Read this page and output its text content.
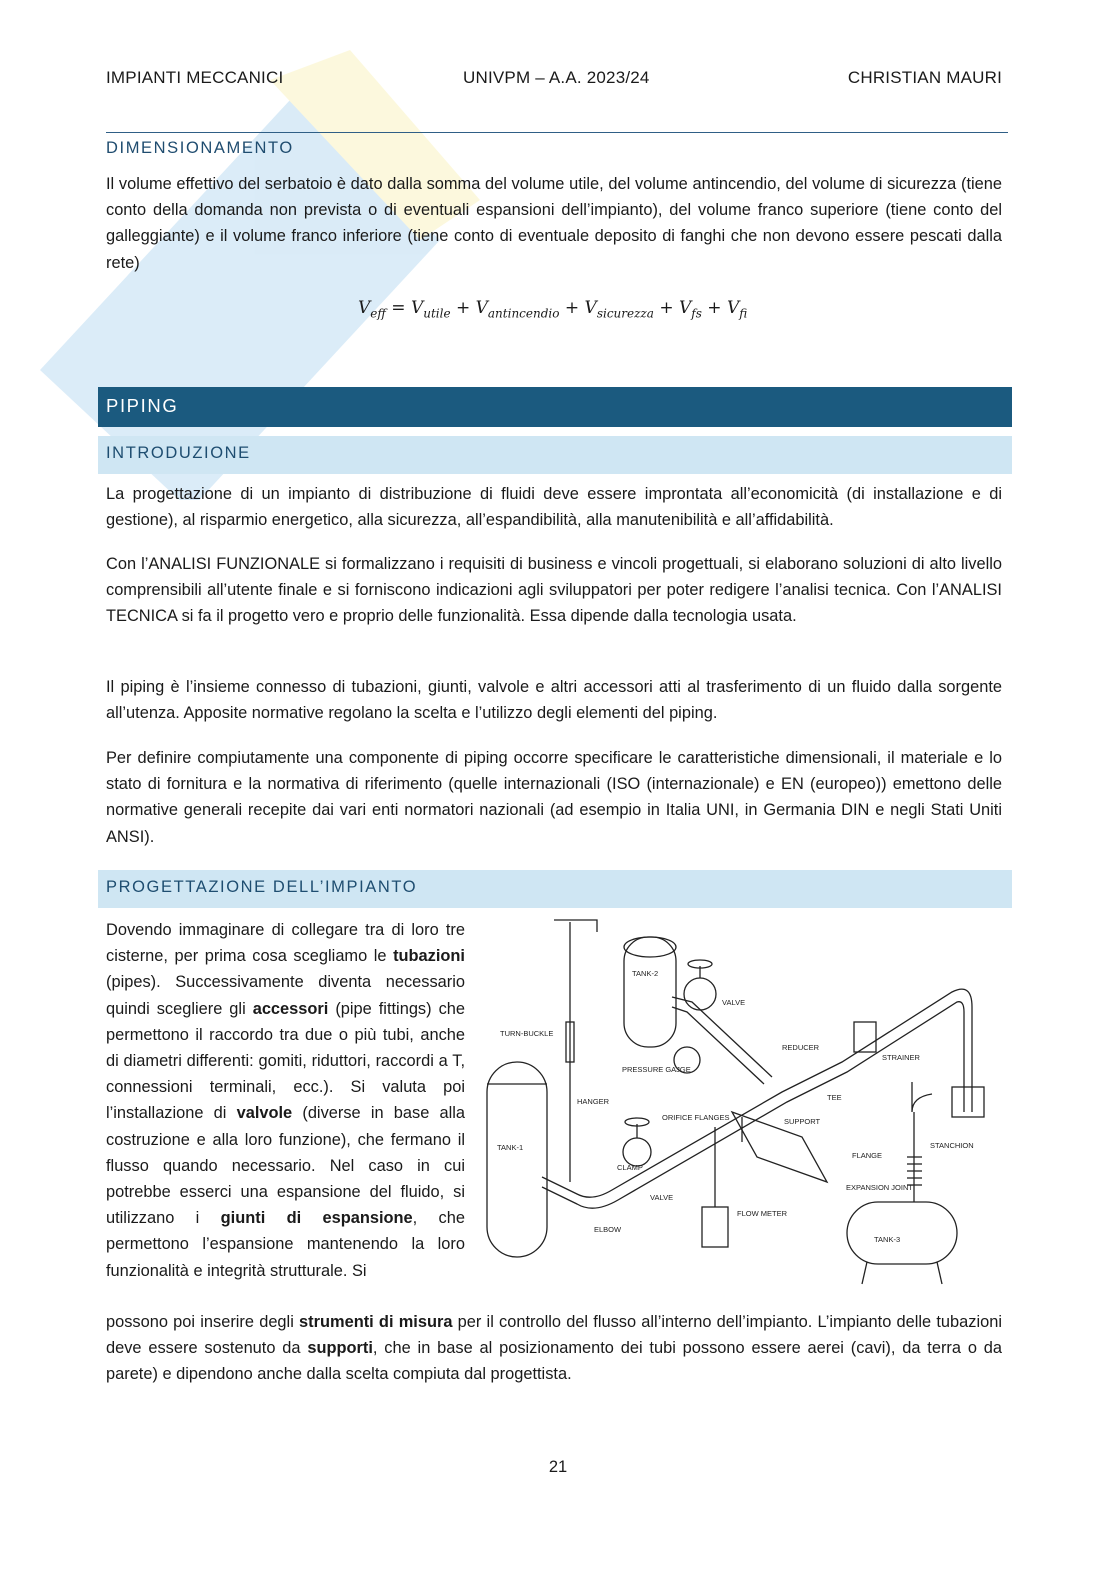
IMPIANTI MECCANICI	UNIVPM – A.A. 2023/24	CHRISTIAN MAURI
DIMENSIONAMENTO

Il volume effettivo del serbatoio è dato dalla somma del volume utile, del volume antincendio, del volume di sicurezza (tiene conto della domanda non prevista o di eventuali espansioni dell’impianto), del volume franco superiore (tiene conto del galleggiante) e il volume franco inferiore (tiene conto di eventuale deposito di fanghi che non devono essere pescati dalla rete)

$V_{eff} = V_{utile} + V_{antincendio} + V_{sicurezza} + V_{fs} + V_{fi}$
PIPING
INTRODUZIONE

La progettazione di un impianto di distribuzione di fluidi deve essere improntata all’economicità (di installazione e di gestione), al risparmio energetico, alla sicurezza, all’espandibilità, alla manutenibilità e all’affidabilità.

Con l’ANALISI FUNZIONALE si formalizzano i requisiti di business e vincoli progettuali, si elaborano soluzioni di alto livello comprensibili all’utente finale e si forniscono indicazioni agli sviluppatori per poter redigere l’analisi tecnica. Con l’ANALISI TECNICA si fa il progetto vero e proprio delle funzionalità. Essa dipende dalla tecnologia usata.

Il piping è l’insieme connesso di tubazioni, giunti, valvole e altri accessori atti al trasferimento di un fluido dalla sorgente all’utenza. Apposite normative regolano la scelta e l’utilizzo degli elementi del piping.

Per definire compiutamente una componente di piping occorre specificare le caratteristiche dimensionali, il materiale e lo stato di fornitura e la normativa di riferimento (quelle internazionali (ISO (internazionale) e EN (europeo)) emettono delle normative generali recepite dai vari enti normatori nazionali (ad esempio in Italia UNI, in Germania DIN e negli Stati Uniti ANSI).

PROGETTAZIONE DELL’IMPIANTO

Dovendo immaginare di collegare tra di loro tre cisterne, per prima cosa scegliamo le tubazioni (pipes). Successivamente diventa necessario quindi scegliere gli accessori (pipe fittings) che permettono il raccordo tra due o più tubi, anche di diametri differenti: gomiti, riduttori, raccordi a T, connessioni terminali, ecc.). Si valuta poi l’installazione di valvole (diverse in base alla costruzione e alla loro funzione), che fermano il flusso quando necessario. Nel caso in cui potrebbe esserci una espansione del fluido, si utilizzano i giunti di espansione, che permettono l’espansione mantenendo la loro funzionalità e integrità strutturale. Si

possono poi inserire degli strumenti di misura per il controllo del flusso all’interno dell’impianto. L’impianto delle tubazioni deve essere sostenuto da supporti, che in base al posizionamento dei tubi possono essere aerei (cavi), da terra o da parete) e dipendono anche dalla scelta compiuta dal progettista.

TANK-1
TANK-2
TANK-3
VALVE
VALVE
TURN-BUCKLE
PRESSURE GAJGE
HANGER
ORIFICE FLANGES
CLAMP
ELBOW
REDUCER
TEE
STRAINER
SUPPORT
STANCHION
FLANGE
EXPANSION JOINT
FLOW METER
21
